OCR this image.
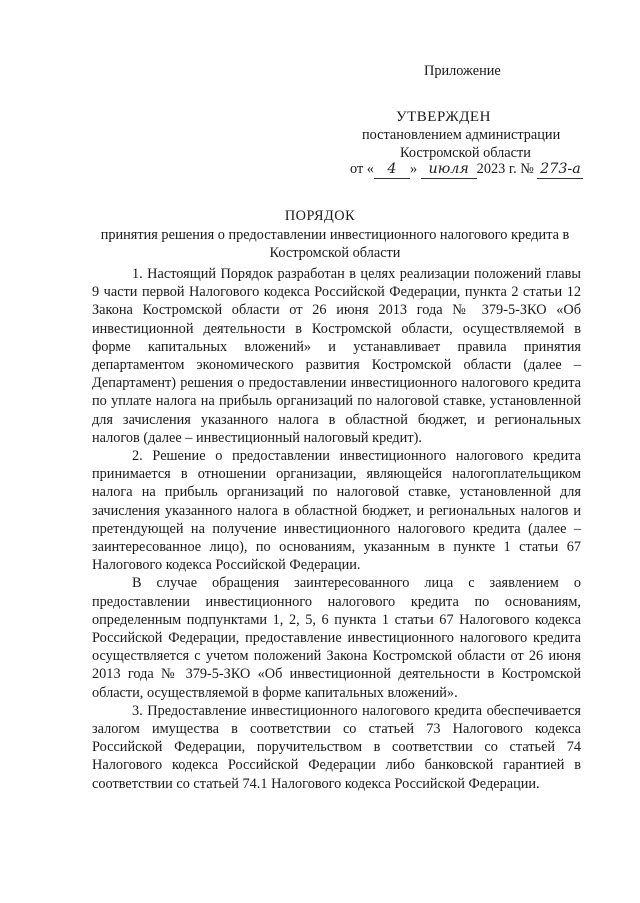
Приложение
УТВЕРЖДЕН
постановлением администрации
Костромской области
от « 4 » июля 2023 г. № 273-а
ПОРЯДОК
принятия решения о предоставлении инвестиционного налогового кредита в Костромской области

1. Настоящий Порядок разработан в целях реализации положений главы 9 части первой Налогового кодекса Российской Федерации, пункта 2 статьи 12 Закона Костромской области от 26 июня 2013 года № 379-5-ЗКО «Об инвестиционной деятельности в Костромской области, осуществляемой в форме капитальных вложений» и устанавливает правила принятия департаментом экономического развития Костромской области (далее – Департамент) решения о предоставлении инвестиционного налогового кредита по уплате налога на прибыль организаций по налоговой ставке, установленной для зачисления указанного налога в областной бюджет, и региональных налогов (далее – инвестиционный налоговый кредит).

2. Решение о предоставлении инвестиционного налогового кредита принимается в отношении организации, являющейся налогоплательщиком налога на прибыль организаций по налоговой ставке, установленной для зачисления указанного налога в областной бюджет, и региональных налогов и претендующей на получение инвестиционного налогового кредита (далее – заинтересованное лицо), по основаниям, указанным в пункте 1 статьи 67 Налогового кодекса Российской Федерации.

В случае обращения заинтересованного лица с заявлением о предоставлении инвестиционного налогового кредита по основаниям, определенным подпунктами 1, 2, 5, 6 пункта 1 статьи 67 Налогового кодекса Российской Федерации, предоставление инвестиционного налогового кредита осуществляется с учетом положений Закона Костромской области от 26 июня 2013 года № 379-5-ЗКО «Об инвестиционной деятельности в Костромской области, осуществляемой в форме капитальных вложений».

3. Предоставление инвестиционного налогового кредита обеспечивается залогом имущества в соответствии со статьей 73 Налогового кодекса Российской Федерации, поручительством в соответствии со статьей 74 Налогового кодекса Российской Федерации либо банковской гарантией в соответствии со статьей 74.1 Налогового кодекса Российской Федерации.
